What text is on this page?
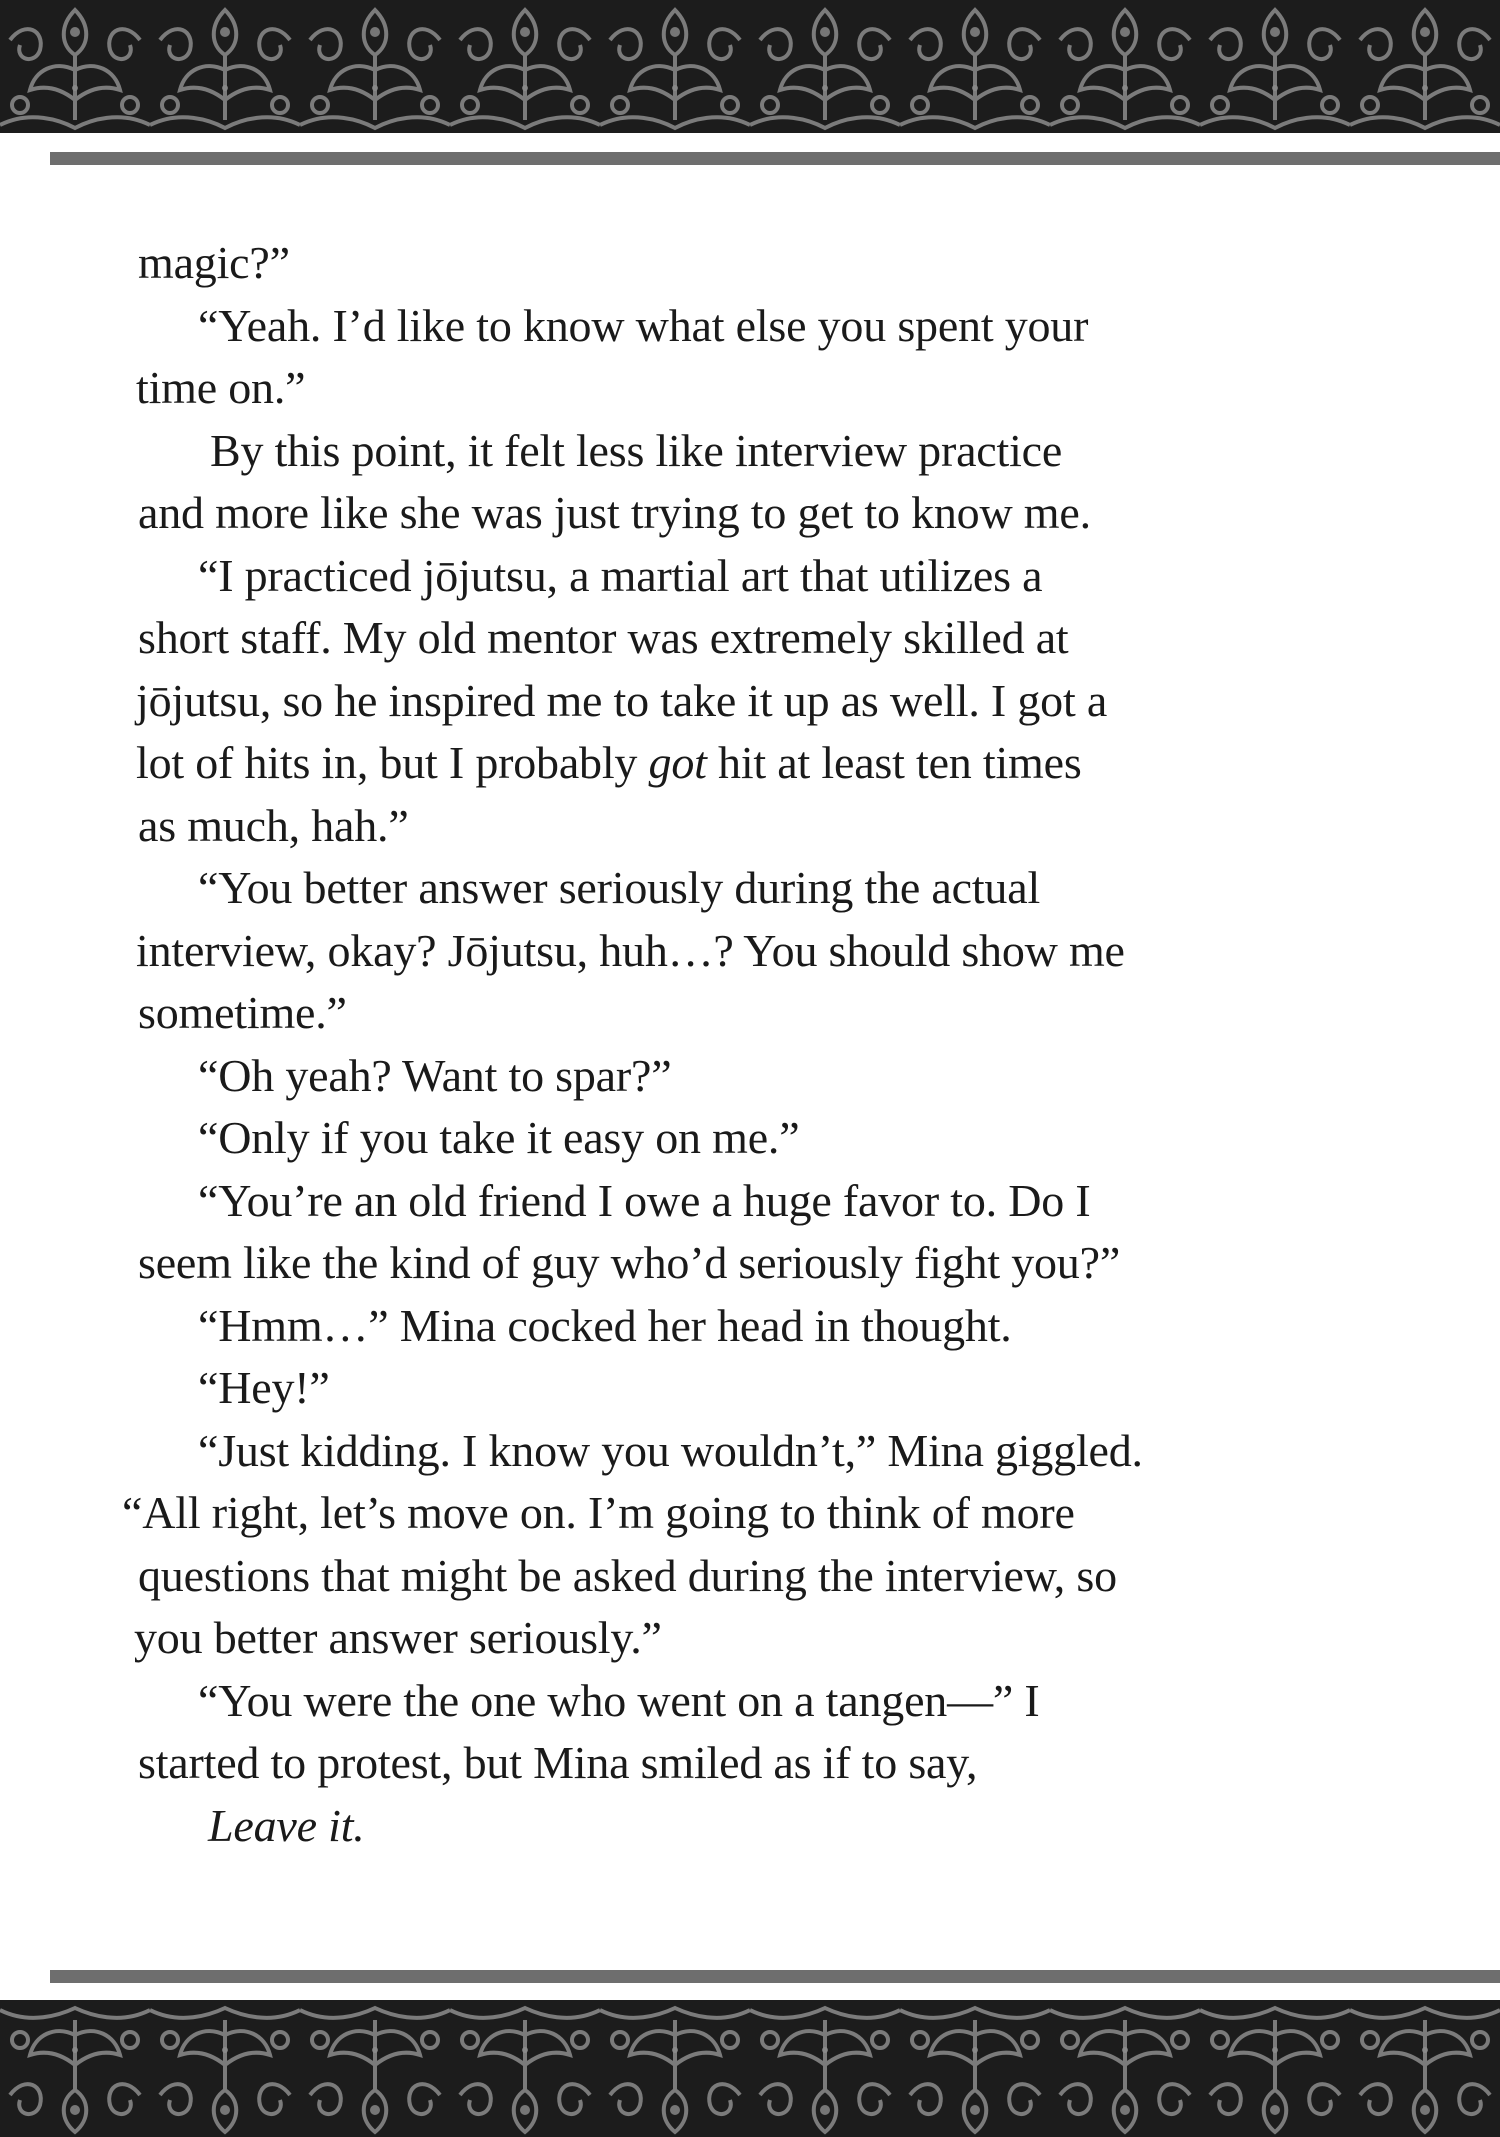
magic?”
“Yeah. I’d like to know what else you spent your
time on.”
By this point, it felt less like interview practice
and more like she was just trying to get to know me.
“I practiced jōjutsu, a martial art that utilizes a
short staff. My old mentor was extremely skilled at
jōjutsu, so he inspired me to take it up as well. I got a
lot of hits in, but I probably got hit at least ten times
as much, hah.”
“You better answer seriously during the actual
interview, okay? Jōjutsu, huh…? You should show me
sometime.”
“Oh yeah? Want to spar?”
“Only if you take it easy on me.”
“You’re an old friend I owe a huge favor to. Do I
seem like the kind of guy who’d seriously fight you?”
“Hmm…” Mina cocked her head in thought.
“Hey!”
“Just kidding. I know you wouldn’t,” Mina giggled.
“All right, let’s move on. I’m going to think of more
questions that might be asked during the interview, so
you better answer seriously.”
“You were the one who went on a tangen—” I
started to protest, but Mina smiled as if to say,
Leave it.
